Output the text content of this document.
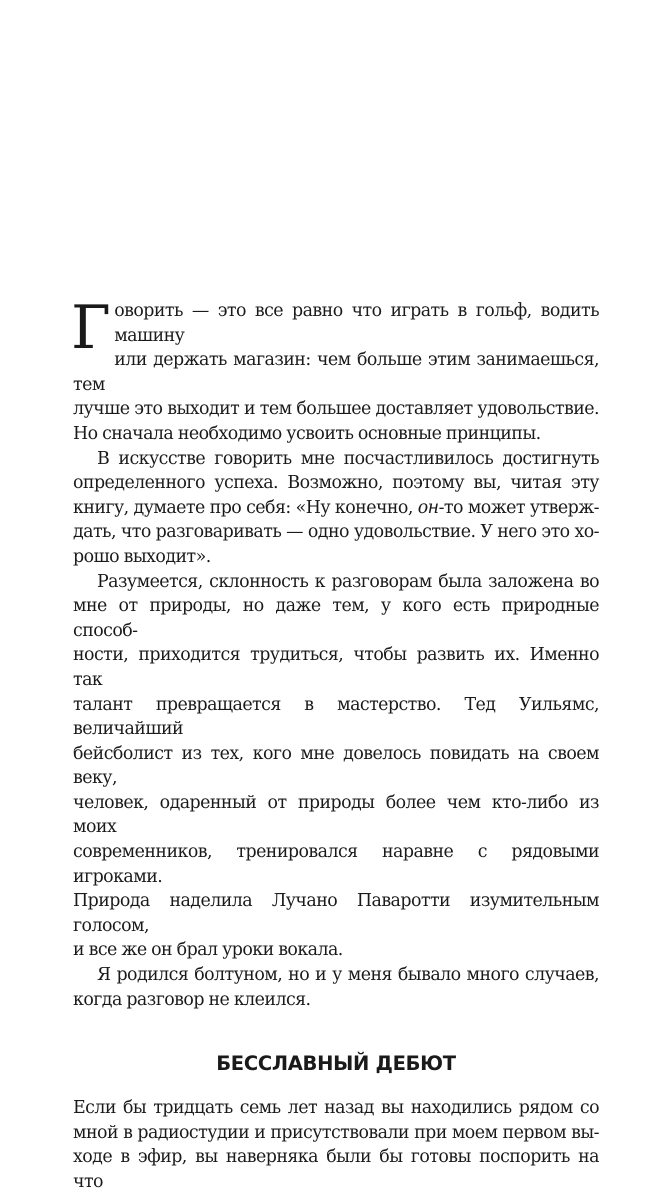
Г оворить — это все равно что играть в гольф, водить машину
или держать магазин: чем больше этим занимаешься, тем
лучше это выходит и тем большее доставляет удовольствие.
Но сначала необходимо усвоить основные принципы.

В искусстве говорить мне посчастливилось достигнуть
определенного успеха. Возможно, поэтому вы, читая эту
книгу, думаете про себя: «Ну конечно, он-то может утверж-
дать, что разговаривать — одно удовольствие. У него это хо-
рошо выходит».

Разумеется, склонность к разговорам была заложена во
мне от природы, но даже тем, у кого есть природные способ-
ности, приходится трудиться, чтобы развить их. Именно так
талант превращается в мастерство. Тед Уильямс, величайший
бейсболист из тех, кого мне довелось повидать на своем веку,
человек, одаренный от природы более чем кто-либо из моих
современников, тренировался наравне с рядовыми игроками.
Природа наделила Лучано Паваротти изумительным голосом,
и все же он брал уроки вокала.

Я родился болтуном, но и у меня бывало много случаев,
когда разговор не клеился.

БЕССЛАВНЫЙ ДЕБЮТ

Если бы тридцать семь лет назад вы находились рядом со
мной в радиостудии и присутствовали при моем первом вы-
ходе в эфир, вы наверняка были бы готовы поспорить на что
